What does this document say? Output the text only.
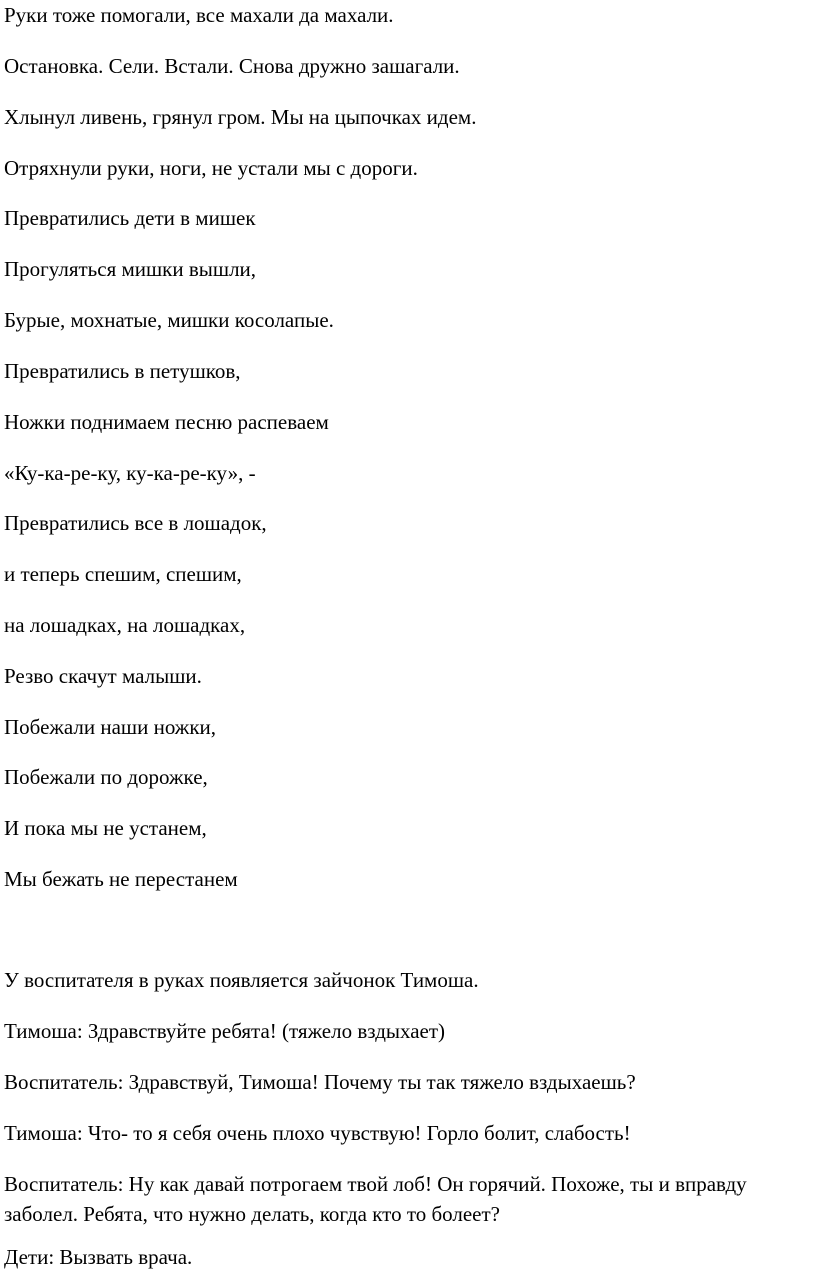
Руки тоже помогали, все махали да махали.

Остановка. Сели. Встали. Снова дружно зашагали.

Хлынул ливень, грянул гром. Мы на цыпочках идем.

Отряхнули руки, ноги, не устали мы с дороги.

Превратились дети в мишек

Прогуляться мишки вышли,

Бурые, мохнатые, мишки косолапые.

Превратились в петушков,

Ножки поднимаем песню распеваем

«Ку-ка-ре-ку, ку-ка-ре-ку», -

Превратились все в лошадок,

и теперь спешим, спешим,

на лошадках, на лошадках,

Резво скачут малыши.

Побежали наши ножки,

Побежали по дорожке,

И пока мы не устанем,

Мы бежать не перестанем

У воспитателя в руках появляется зайчонок Тимоша.

Тимоша: Здравствуйте ребята! (тяжело вздыхает)

Воспитатель: Здравствуй, Тимоша! Почему ты так тяжело вздыхаешь?

Тимоша: Что- то я себя очень плохо чувствую! Горло болит, слабость!

Воспитатель: Ну как давай потрогаем твой лоб! Он горячий. Похоже, ты и вправду заболел. Ребята, что нужно делать, когда кто то болеет?

Дети: Вызвать врача.
